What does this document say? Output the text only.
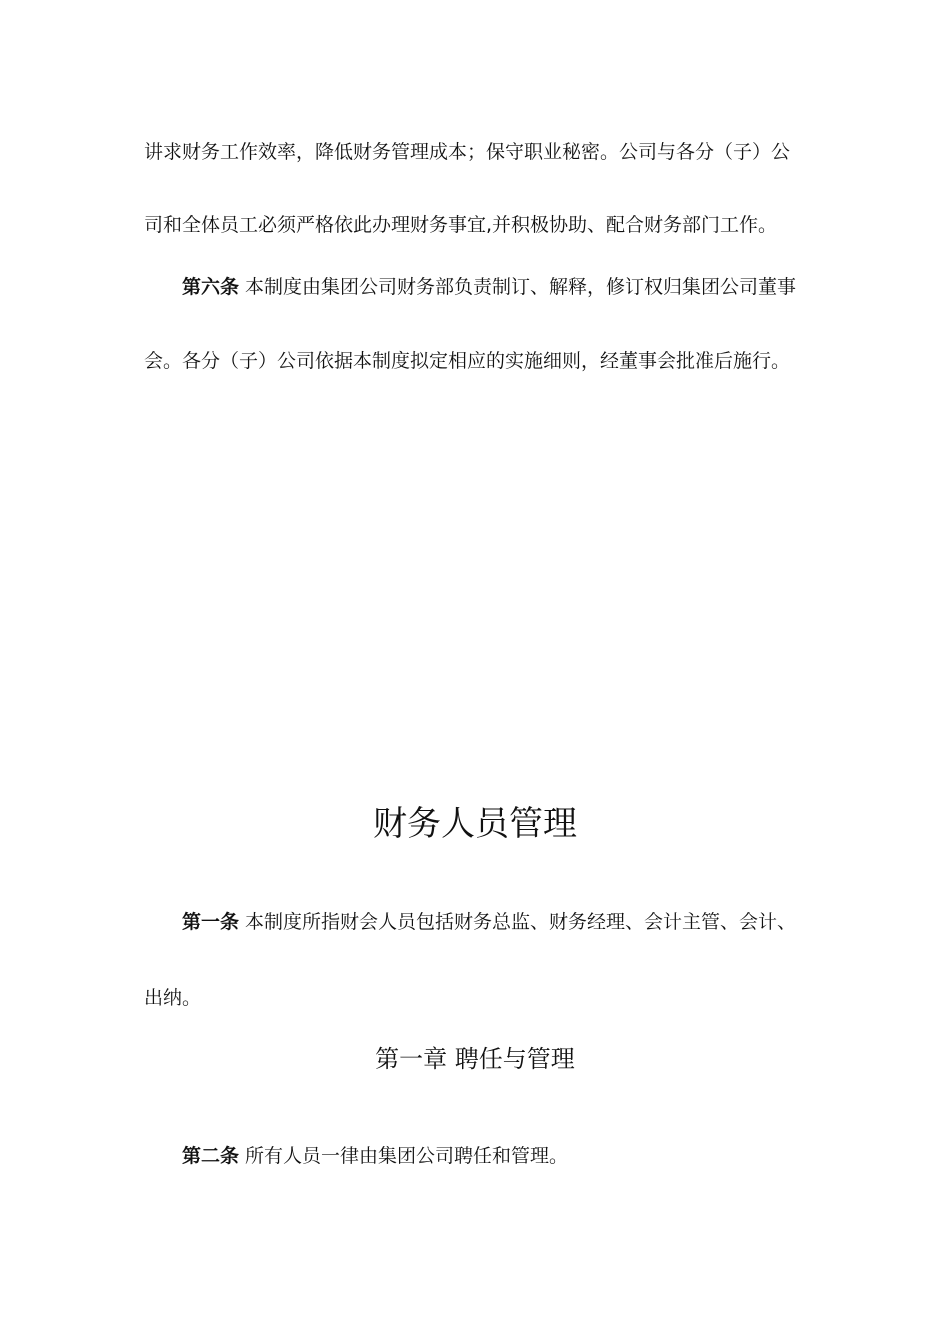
讲求财务工作效率，降低财务管理成本；保守职业秘密。公司与各分（子）公
司和全体员工必须严格依此办理财务事宜,并积极协助、配合财务部门工作。
第六条 本制度由集团公司财务部负责制订、解释，修订权归集团公司董事
会。各分（子）公司依据本制度拟定相应的实施细则，经董事会批准后施行。
财务人员管理
第一条 本制度所指财会人员包括财务总监、财务经理、会计主管、会计、
出纳。
第一章 聘任与管理
第二条 所有人员一律由集团公司聘任和管理。
